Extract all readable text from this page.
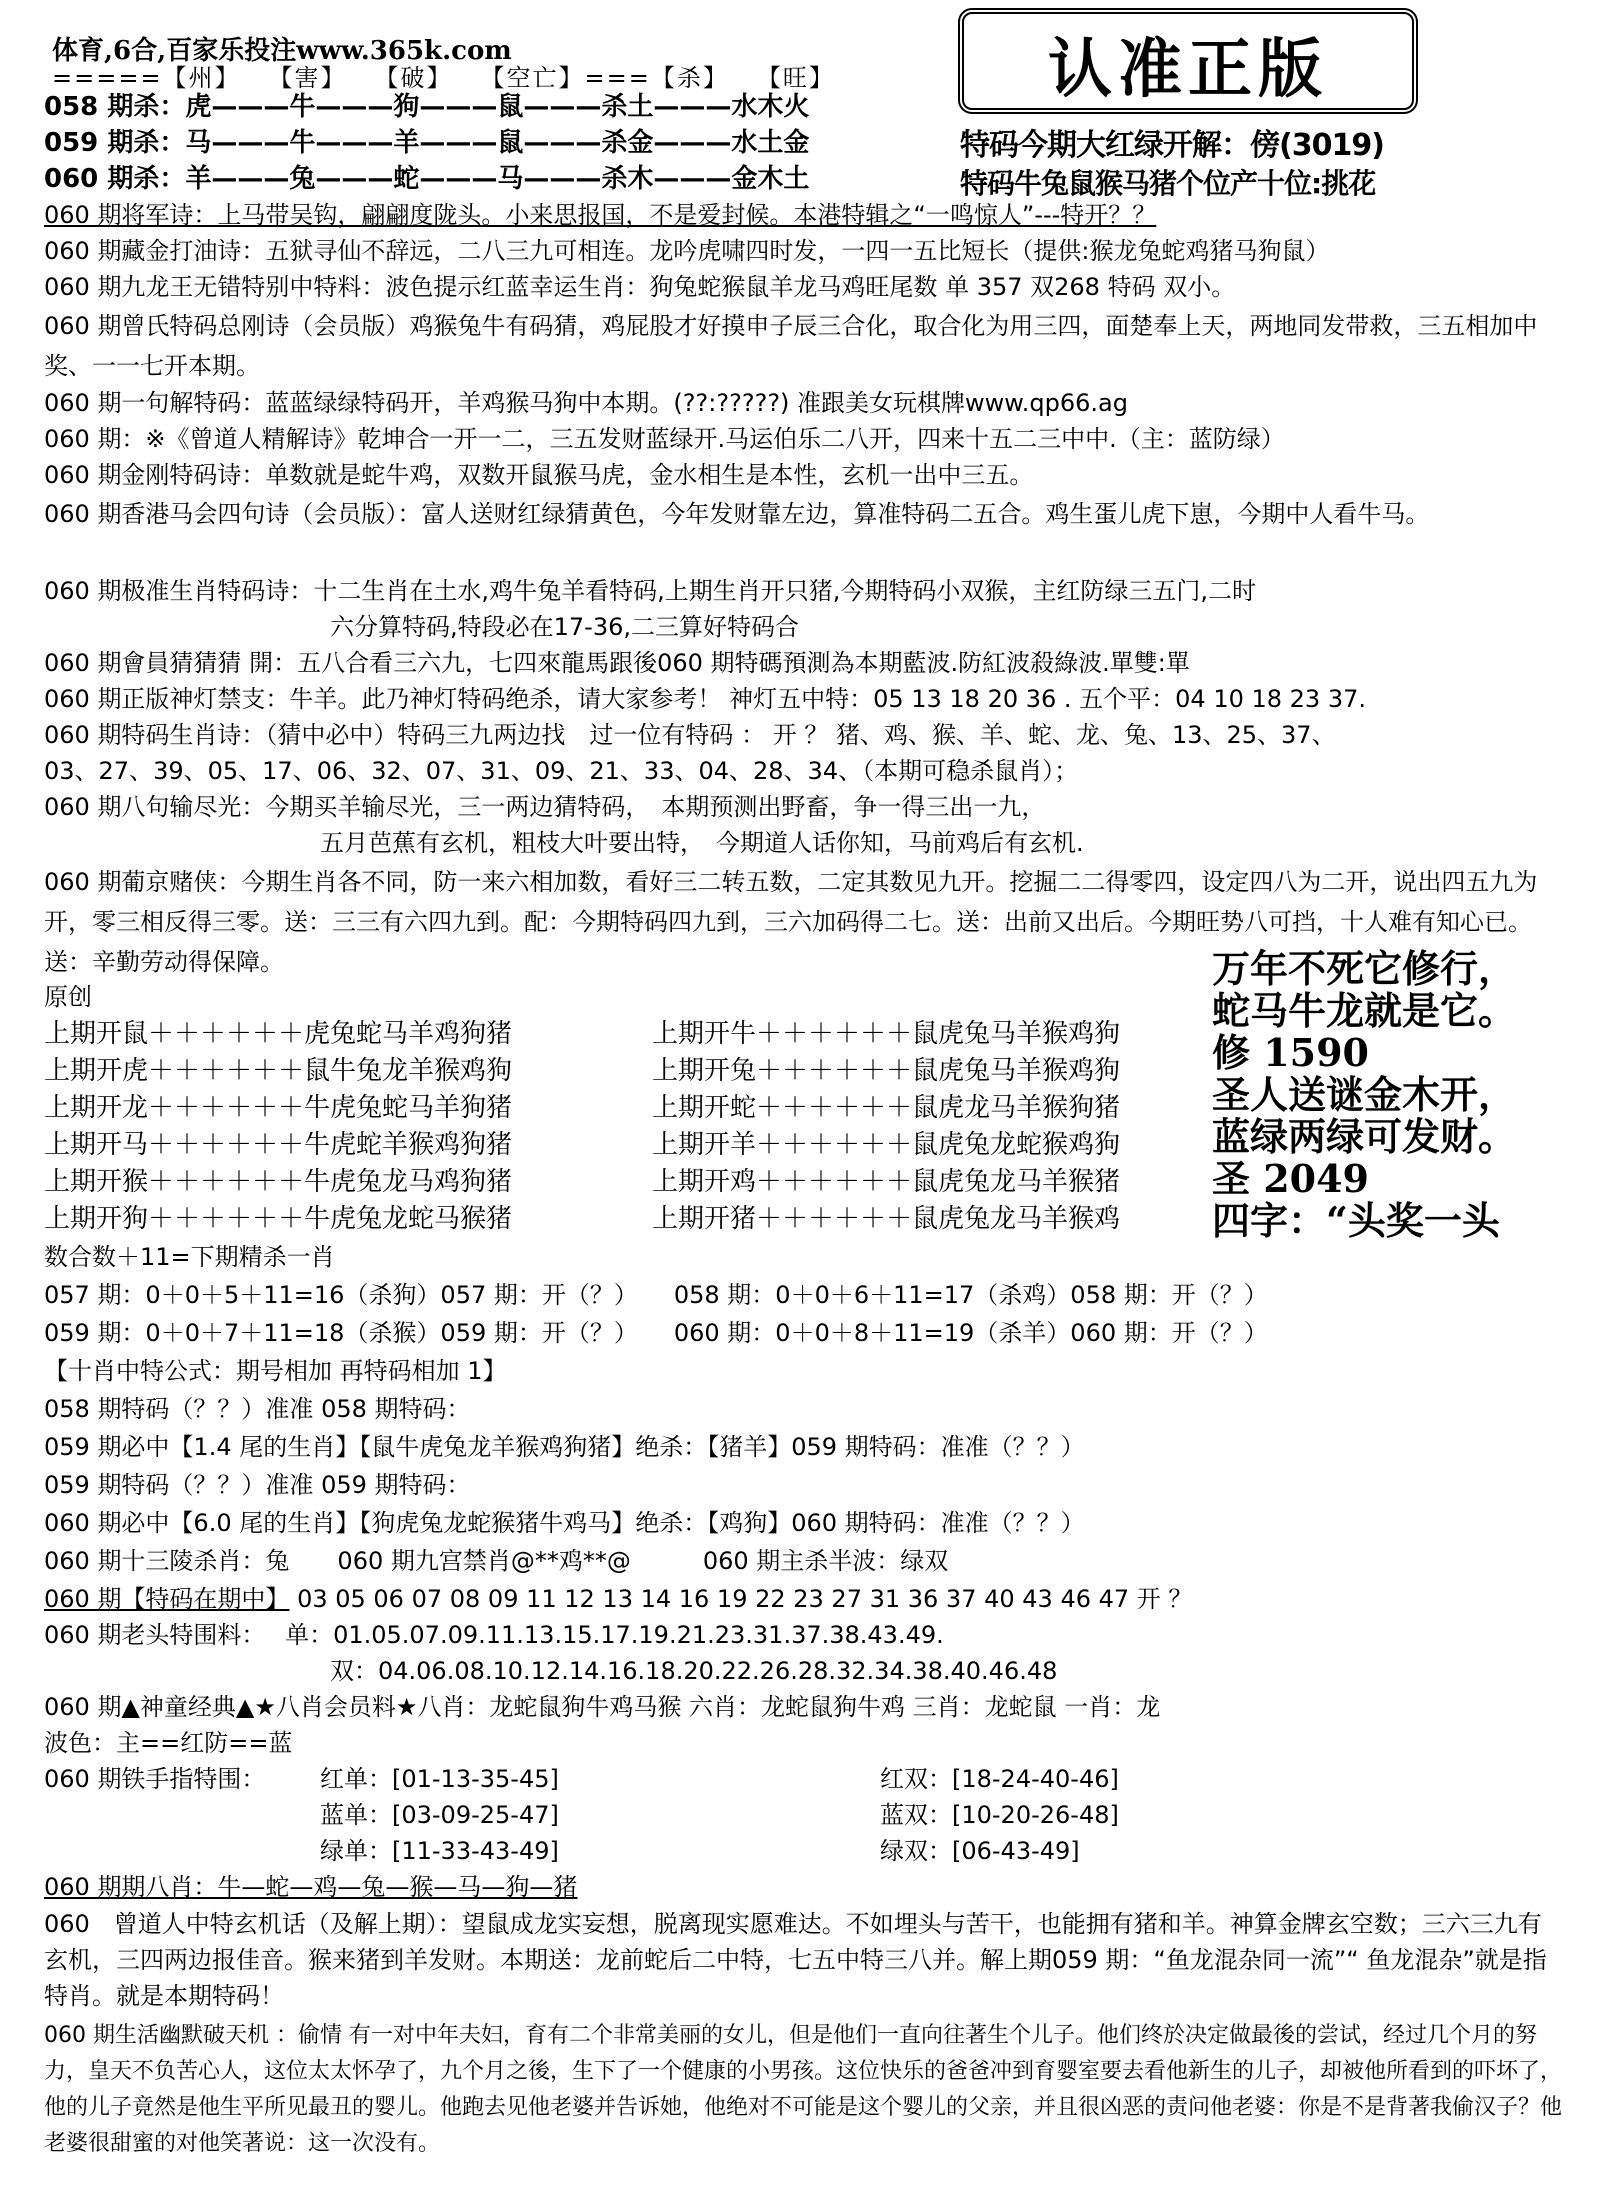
体育,6合,百家乐投注www.365k.com
=====【州】　　【害】　　【破】　　【空亡】===【杀】　　【旺】	认准正版
特码今期大红绿开解：傍(3019)
特码牛兔鼠猴马猪个位产十位:挑花
058 期杀：虎———牛———狗———鼠———杀土———水木火
059 期杀：马———牛———羊———鼠———杀金———水土金
060 期杀：羊———兔———蛇———马———杀木———金木土
060 期将军诗：上马带吴钩，翩翩度陇头。小来思报国，不是爱封候。本港特辑之“一鸣惊人”---特开？？
060 期藏金打油诗：五狱寻仙不辞远，二八三九可相连。龙吟虎啸四时发，一四一五比短长（提供:猴龙兔蛇鸡猪马狗鼠）
060 期九龙王无错特别中特料：波色提示红蓝幸运生肖：狗兔蛇猴鼠羊龙马鸡旺尾数 单 357 双268 特码 双小。
060 期曾氏特码总刚诗（会员版）鸡猴兔牛有码猜，鸡屁股才好摸申子辰三合化，取合化为用三四，面楚奉上天，两地同发带救，三五相加中奖、一一七开本期。
060 期一句解特码：蓝蓝绿绿特码开，羊鸡猴马狗中本期。(??:?????) 准跟美女玩棋牌www.qp66.ag
060 期：※《曾道人精解诗》乾坤合一开一二，三五发财蓝绿开.马运伯乐二八开，四来十五二三中中.（主：蓝防绿）
060 期金刚特码诗：单数就是蛇牛鸡，双数开鼠猴马虎，金水相生是本性，玄机一出中三五。
060 期香港马会四句诗（会员版）：富人送财红绿猜黄色，今年发财靠左边，算准特码二五合。鸡生蛋儿虎下崽，今期中人看牛马。
060 期极准生肖特码诗：十二生肖在土水,鸡牛兔羊看特码,上期生肖开只猪,今期特码小双猴，主红防绿三五门,二时
六分算特码,特段必在17-36,二三算好特码合
060 期會員猜猜猜 開：五八合看三六九，七四來龍馬跟後060 期特碼預測為本期藍波.防紅波殺綠波.單雙:單
060 期正版神灯禁支：牛羊。此乃神灯特码绝杀，请大家参考！ 神灯五中特：05 13 18 20 36 . 五个平：04 10 18 23 37.
060 期特码生肖诗：（猜中必中）特码三九两边找　过一位有特码 ： 开 ？ 猪、鸡、猴、羊、蛇、龙、兔、13、25、37、
03、27、39、05、17、06、32、07、31、09、21、33、04、28、34、（本期可稳杀鼠肖）；
060 期八句输尽光：今期买羊输尽光，三一两边猜特码，　本期预测出野畜，争一得三出一九，
五月芭蕉有玄机，粗枝大叶要出特，　今期道人话你知，马前鸡后有玄机.
060 期葡京赌侠：今期生肖各不同，防一来六相加数，看好三二转五数，二定其数见九开。挖掘二二得零四，设定四八为二开，说出四五九为开，零三相反得三零。送：三三有六四九到。配：今期特码四九到，三六加码得二七。送：出前又出后。今期旺势八可挡，十人难有知心已。送：辛勤劳动得保障。
原创
上期开鼠＋＋＋＋＋＋虎兔蛇马羊鸡狗猪
上期开虎＋＋＋＋＋＋鼠牛兔龙羊猴鸡狗
上期开龙＋＋＋＋＋＋牛虎兔蛇马羊狗猪
上期开马＋＋＋＋＋＋牛虎蛇羊猴鸡狗猪
上期开猴＋＋＋＋＋＋牛虎兔龙马鸡狗猪
上期开狗＋＋＋＋＋＋牛虎兔龙蛇马猴猪
上期开牛＋＋＋＋＋＋鼠虎兔马羊猴鸡狗
上期开兔＋＋＋＋＋＋鼠虎兔马羊猴鸡狗
上期开蛇＋＋＋＋＋＋鼠虎龙马羊猴狗猪
上期开羊＋＋＋＋＋＋鼠虎兔龙蛇猴鸡狗
上期开鸡＋＋＋＋＋＋鼠虎兔龙马羊猴猪
上期开猪＋＋＋＋＋＋鼠虎兔龙马羊猴鸡
万年不死它修行，
蛇马牛龙就是它。
修 1590
圣人送谜金木开，
蓝绿两绿可发财。
圣 2049
四字：“头奖一头
数合数＋11=下期精杀一肖
057 期：0＋0＋5＋11=16（杀狗）057 期：开（？）　　058 期：0＋0＋6＋11=17（杀鸡）058 期：开（？）
059 期：0＋0＋7＋11=18（杀猴）059 期：开（？）　　060 期：0＋0＋8＋11=19（杀羊）060 期：开（？）
【十肖中特公式：期号相加 再特码相加 1】
058 期特码（？？）准准 058 期特码：
059 期必中【1.4 尾的生肖】【鼠牛虎兔龙羊猴鸡狗猪】绝杀：【猪羊】059 期特码：准准（？？）
059 期特码（？？）准准 059 期特码：
060 期必中【6.0 尾的生肖】【狗虎兔龙蛇猴猪牛鸡马】绝杀：【鸡狗】060 期特码：准准（？？）
060 期十三陵杀肖：兔　　060 期九宫禁肖@**鸡**@　　　060 期主杀半波：绿双
060 期【特码在期中】 03 05 06 07 08 09 11 12 13 14 16 19 22 23 27 31 36 37 40 43 46 47 开 ？
060 期老头特围料：　 单：01.05.07.09.11.13.15.17.19.21.23.31.37.38.43.49.
双：04.06.08.10.12.14.16.18.20.22.26.28.32.34.38.40.46.48
060 期▲神童经典▲★八肖会员料★八肖：龙蛇鼠狗牛鸡马猴 六肖：龙蛇鼠狗牛鸡 三肖：龙蛇鼠 一肖：龙
波色：主==红防==蓝
060 期铁手指特围： 红单：[01-13-35-45]	红双：[18-24-40-46]
蓝单：[03-09-25-47]	蓝双：[10-20-26-48]
绿单：[11-33-43-49]	绿双：[06-43-49]
060 期期八肖：牛—蛇—鸡—兔—猴—马—狗—猪
060　曾道人中特玄机话（及解上期）：望鼠成龙实妄想，脱离现实愿难达。不如埋头与苦干，也能拥有猪和羊。神算金牌玄空数；三六三九有玄机，三四两边报佳音。猴来猪到羊发财。本期送：龙前蛇后二中特，七五中特三八并。解上期059 期：“鱼龙混杂同一流”“ 鱼龙混杂”就是指特肖。就是本期特码！
060 期生活幽默破天机 ：偷情 有一对中年夫妇，育有二个非常美丽的女儿，但是他们一直向往著生个儿子。他们终於决定做最後的尝试，经过几个月的努力，皇天不负苦心人，这位太太怀孕了，九个月之後，生下了一个健康的小男孩。这位快乐的爸爸冲到育婴室要去看他新生的儿子，却被他所看到的吓坏了，他的儿子竟然是他生平所见最丑的婴儿。他跑去见他老婆并告诉她，他绝对不可能是这个婴儿的父亲，并且很凶恶的责问他老婆：你是不是背著我偷汉子？他老婆很甜蜜的对他笑著说：这一次没有。
